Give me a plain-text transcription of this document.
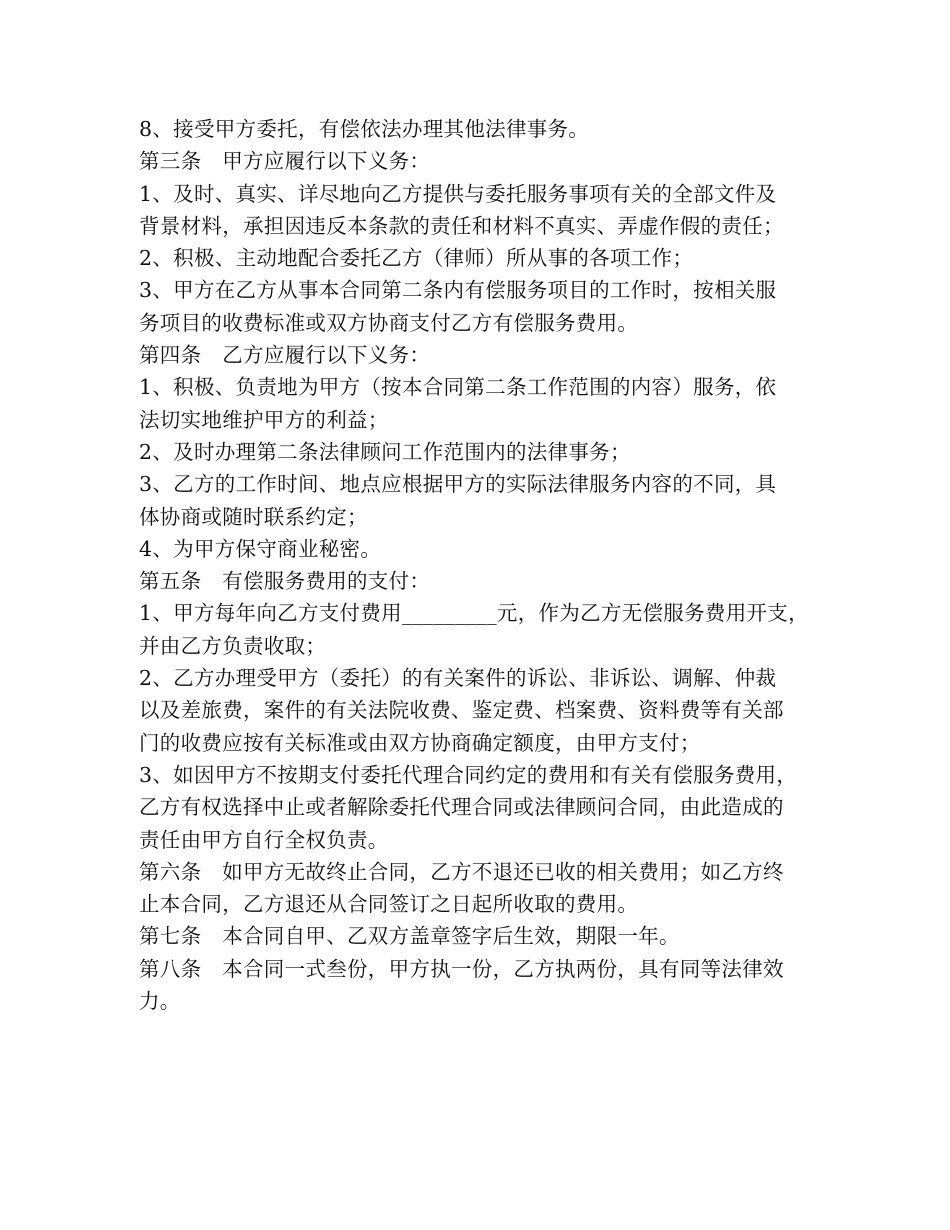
8、接受甲方委托，有偿依法办理其他法律事务。

第三条　甲方应履行以下义务：

1、及时、真实、详尽地向乙方提供与委托服务事项有关的全部文件及

背景材料，承担因违反本条款的责任和材料不真实、弄虚作假的责任；

2、积极、主动地配合委托乙方（律师）所从事的各项工作；

3、甲方在乙方从事本合同第二条内有偿服务项目的工作时，按相关服

务项目的收费标准或双方协商支付乙方有偿服务费用。

第四条　乙方应履行以下义务：

1、积极、负责地为甲方（按本合同第二条工作范围的内容）服务，依

法切实地维护甲方的利益；

2、及时办理第二条法律顾问工作范围内的法律事务；

3、乙方的工作时间、地点应根据甲方的实际法律服务内容的不同，具

体协商或随时联系约定；

4、为甲方保守商业秘密。

第五条　有偿服务费用的支付：

1、甲方每年向乙方支付费用_________元，作为乙方无偿服务费用开支，

并由乙方负责收取；

2、乙方办理受甲方（委托）的有关案件的诉讼、非诉讼、调解、仲裁

以及差旅费，案件的有关法院收费、鉴定费、档案费、资料费等有关部

门的收费应按有关标准或由双方协商确定额度，由甲方支付；

3、如因甲方不按期支付委托代理合同约定的费用和有关有偿服务费用，

乙方有权选择中止或者解除委托代理合同或法律顾问合同，由此造成的

责任由甲方自行全权负责。

第六条　如甲方无故终止合同，乙方不退还已收的相关费用；如乙方终

止本合同，乙方退还从合同签订之日起所收取的费用。

第七条　本合同自甲、乙双方盖章签字后生效，期限一年。

第八条　本合同一式叁份，甲方执一份，乙方执两份，具有同等法律效

力。
